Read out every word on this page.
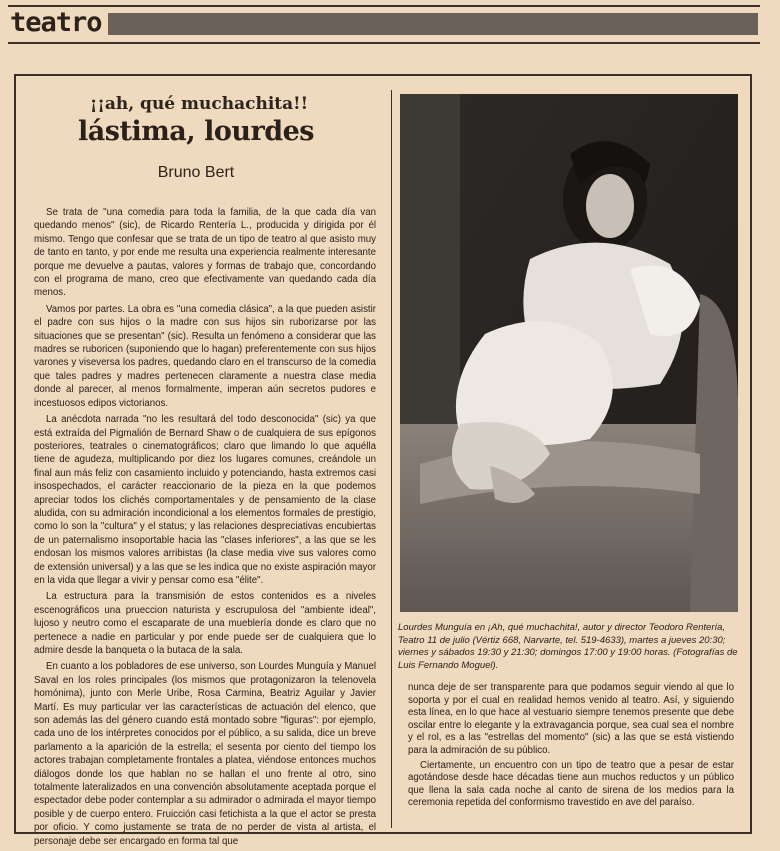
teatro
¡¡ah, qué muchachita!!
lástima, lourdes
Bruno Bert

Se trata de "una comedia para toda la familia, de la que cada día van quedando menos" (sic), de Ricardo Rentería L., producida y dirigida por él mismo. Tengo que confesar que se trata de un tipo de teatro al que asisto muy de tanto en tanto, y por ende me resulta una experiencia realmente interesante porque me devuelve a pautas, valores y formas de trabajo que, concordando con el programa de mano, creo que efectivamente van quedando cada día menos.

Vamos por partes. La obra es "una comedia clásica", a la que pueden asistir el padre con sus hijos o la madre con sus hijos sin ruborizarse por las situaciones que se presentan" (sic). Resulta un fenómeno a considerar que las madres se ruboricen (suponiendo que lo hagan) preferentemente con sus hijos varones y viseversa los padres, quedando claro en el transcurso de la comedia que tales padres y madres pertenecen claramente a nuestra clase media donde al parecer, al menos formalmente, imperan aún secretos pudores e incestuosos edipos victorianos.

La anécdota narrada "no les resultará del todo desconocida" (sic) ya que está extraída del Pigmalión de Bernard Shaw o de cualquiera de sus epígonos posteriores, teatrales o cinematográficos; claro que limando lo que aquélla tiene de agudeza, multiplicando por diez los lugares comunes, creándole un final aun más feliz con casamiento incluido y potenciando, hasta extremos casi insospechados, el carácter reaccionario de la pieza en la que podemos apreciar todos los clichés comportamentales y de pensamiento de la clase aludida, con su admiración incondicional a los elementos formales de prestigio, como lo son la "cultura" y el status; y las relaciones despreciativas encubiertas de un paternalismo insoportable hacia las "clases inferiores", a las que se les endosan los mismos valores arribistas (la clase media vive sus valores como de extensión universal) y a las que se les indica que no existe aspiración mayor en la vida que llegar a vivir y pensar como esa "élite".

La estructura para la transmisión de estos contenidos es a niveles escenográficos una prueccion naturista y escrupulosa del "ambiente ideal", lujoso y neutro como el escaparate de una mueblería donde es claro que no pertenece a nadie en particular y por ende puede ser de cualquiera que lo admire desde la banqueta o la butaca de la sala.

En cuanto a los pobladores de ese universo, son Lourdes Munguía y Manuel Saval en los roles principales (los mismos que protagonizaron la telenovela homónima), junto con Merle Uribe, Rosa Carmina, Beatriz Aguilar y Javier Martí. Es muy particular ver las características de actuación del elenco, que son además las del género cuando está montado sobre "figuras": por ejemplo, cada uno de los intérpretes conocidos por el público, a su salida, dice un breve parlamento a la aparición de la estrella; el sesenta por ciento del tiempo los actores trabajan completamente frontales a platea, viéndose entonces muchos diálogos donde los que hablan no se hallan el uno frente al otro, sino totalmente lateralizados en una convención absolutamente aceptada porque el espectador debe poder contemplar a su admirador o admirada el mayor tiempo posible y de cuerpo entero. Fruicción casi fetichista a la que el actor se presta por oficio. Y como justamente se trata de no perder de vista al artista, el personaje debe ser encargado en forma tal que

Lourdes Munguía en ¡Ah, qué muchachita!, autor y director Teodoro Rentería, Teatro 11 de julio (Vértiz 668, Narvarte, tel. 519-4633), martes a jueves 20:30; viernes y sábados 19:30 y 21:30; domingos 17:00 y 19:00 horas. (Fotografías de Luis Fernando Moguel).

nunca deje de ser transparente para que podamos seguir viendo al que lo soporta y por el cual en realidad hemos venido al teatro. Así, y siguiendo esta línea, en lo que hace al vestuario siempre tenemos presente que debe oscilar entre lo elegante y la extravagancia porque, sea cual sea el nombre y el rol, es a las "estrellas del momento" (sic) a las que se está vistiendo para la admiración de su público.

Ciertamente, un encuentro con un tipo de teatro que a pesar de estar agotándose desde hace décadas tiene aun muchos reductos y un público que llena la sala cada noche al canto de sirena de los medios para la ceremonia repetida del conformismo travestido en ave del paraíso.
